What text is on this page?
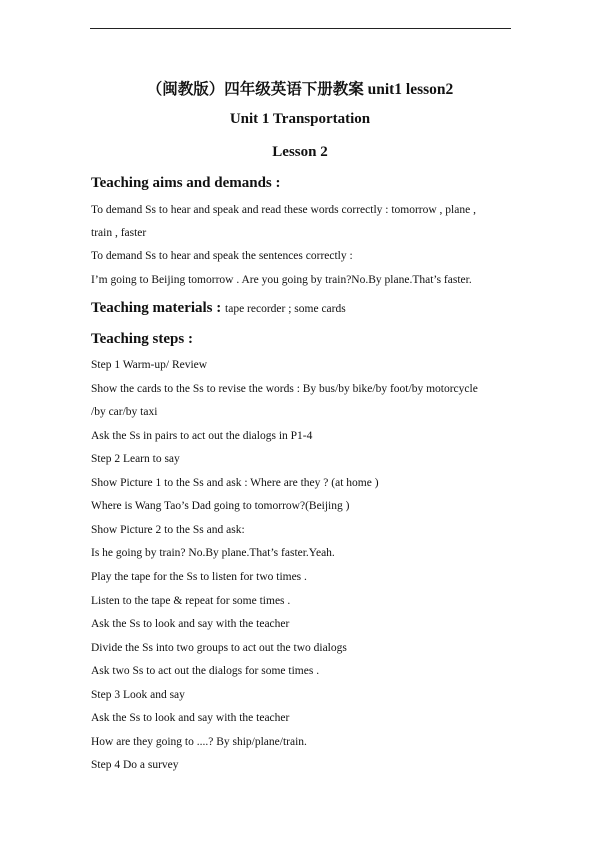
（闽教版）四年级英语下册教案 unit1 lesson2
Unit 1 Transportation
Lesson 2
Teaching aims and demands :
To demand Ss to hear and speak and read these words correctly : tomorrow , plane ,
train , faster
To demand Ss to hear and speak the sentences correctly :
I’m going to Beijing tomorrow . Are you going by train?No.By plane.That’s faster.
Teaching materials : tape recorder ; some cards
Teaching steps :
Step 1 Warm-up/ Review
Show the cards to the Ss to revise the words : By bus/by bike/by foot/by motorcycle
/by car/by taxi
Ask the Ss in pairs to act out the dialogs in P1-4
Step 2 Learn to say
Show Picture 1 to the Ss and ask : Where are they ? (at home )
Where is Wang Tao’s Dad going to tomorrow?(Beijing )
Show Picture 2 to the Ss and ask:
Is he going by train? No.By plane.That’s faster.Yeah.
Play the tape for the Ss to listen for two times .
Listen to the tape & repeat for some times .
Ask the Ss to look and say with the teacher
Divide the Ss into two groups to act out the two dialogs
Ask two Ss to act out the dialogs for some times .
Step 3 Look and say
Ask the Ss to look and say with the teacher
How are they going to ....? By ship/plane/train.
Step 4 Do a survey
